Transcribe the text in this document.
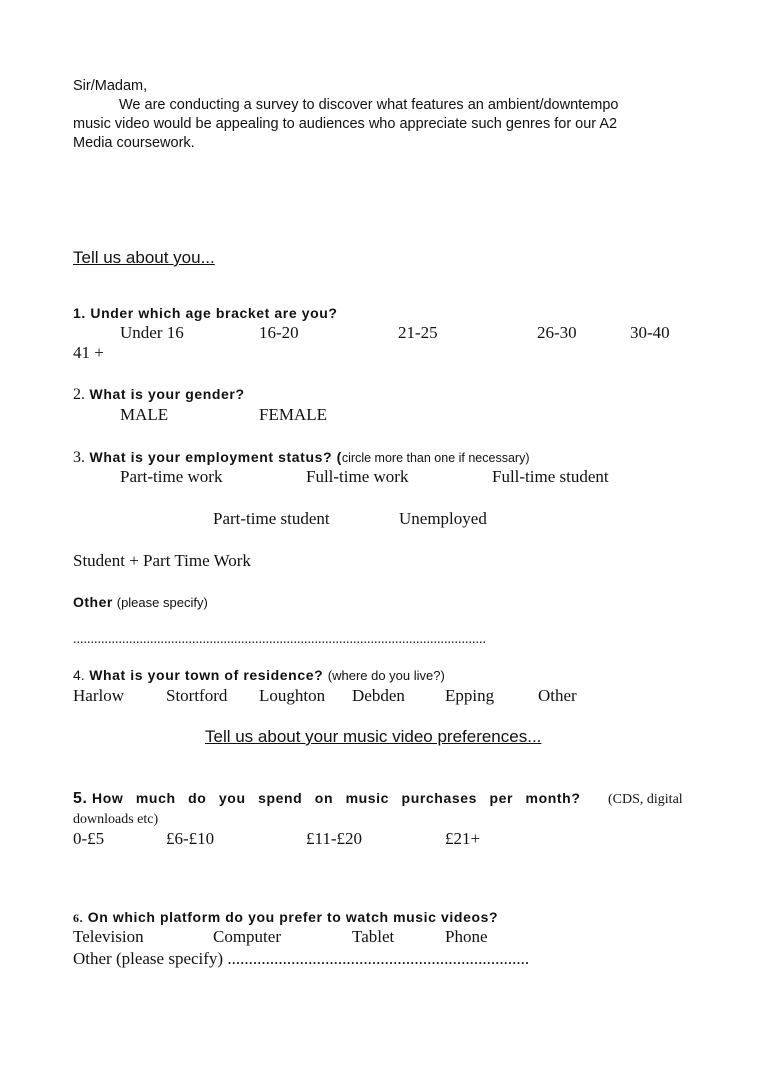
Sir/Madam,
We are conducting a survey to discover what features an ambient/downtempo
music video would be appealing to audiences who appreciate such genres for our A2
Media coursework.
Tell us about you...
1. Under which age bracket are you?
Under 16	16-20	21-25	26-30	30-40
41 +
2. What is your gender?
MALE	FEMALE
3. What is your employment status? (circle more than one if necessary)
Part-time work	Full-time work	Full-time student
Part-time student	Unemployed
Student + Part Time Work
Other (please specify)
......................................................................................................................
4. What is your town of residence? (where do you live?)
Harlow Stortford Loughton Debden Epping	Other
Tell us about your music video preferences...
5. How much do you spend on music purchases per month?	(CDS, digital
downloads etc)
0-£5	£6-£10	£11-£20	£21+
6. On which platform do you prefer to watch music videos?
Television	Computer	Tablet	Phone
Other (please specify) .......................................................................
